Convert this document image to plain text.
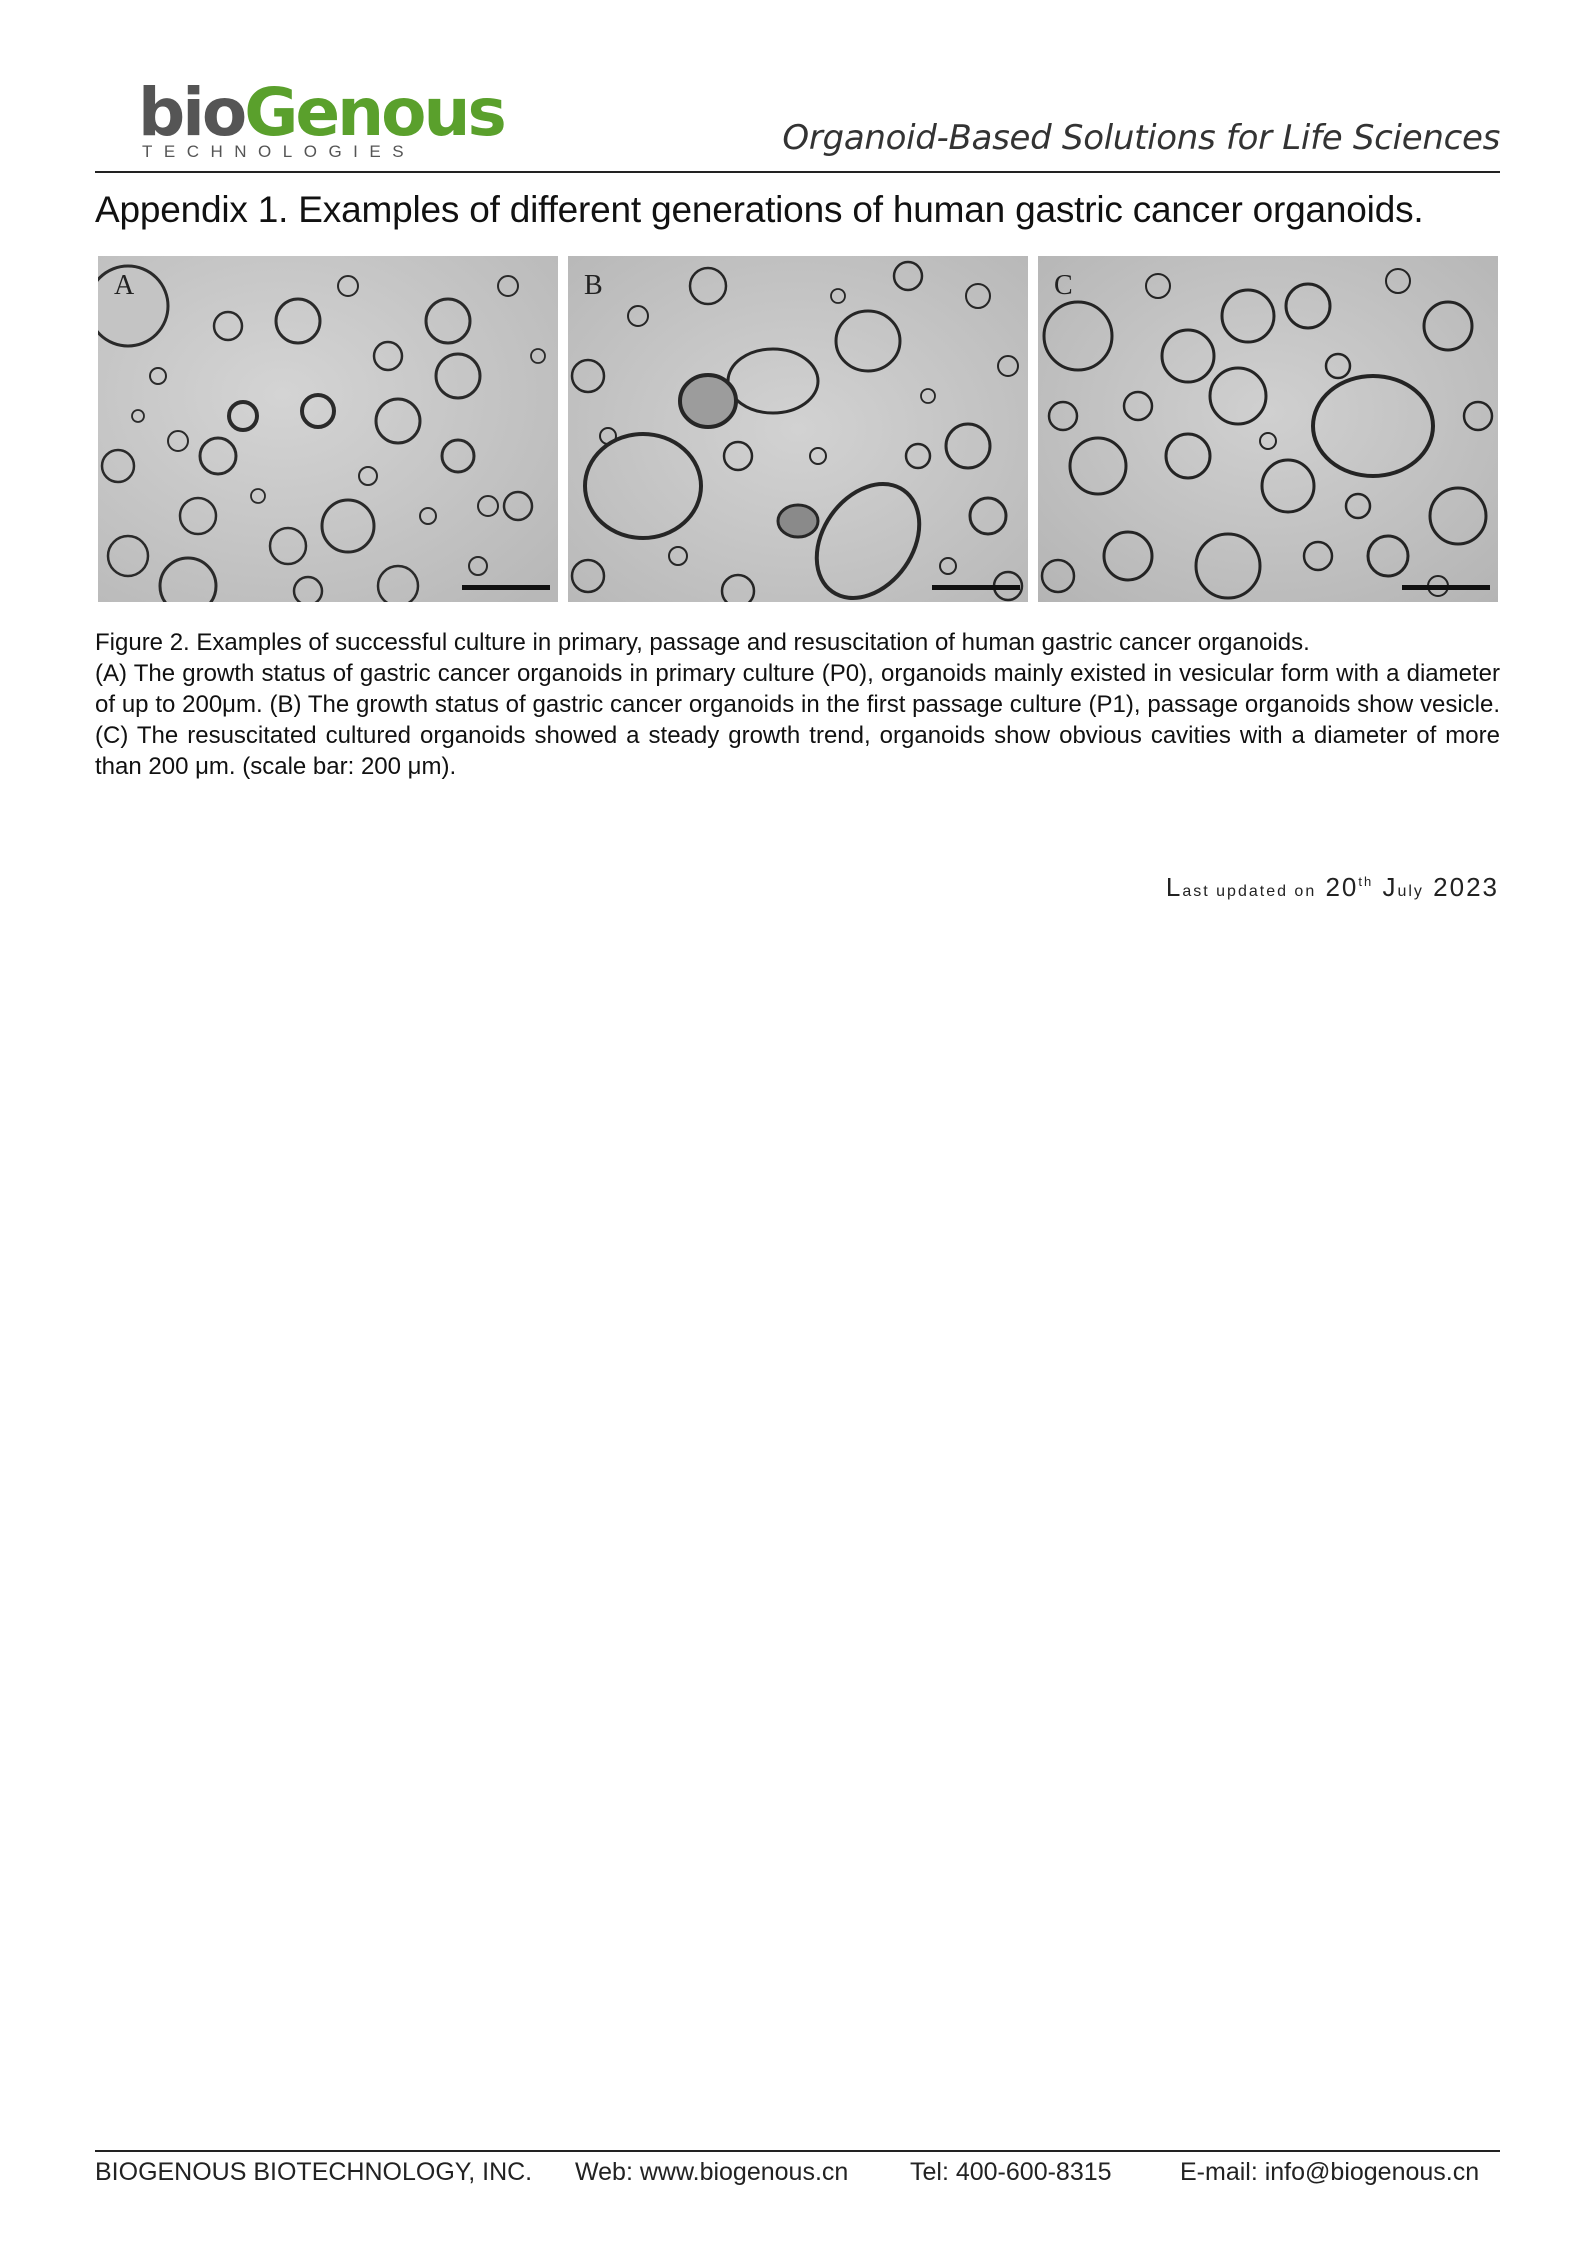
bioGenous
TECHNOLOGIES	Organoid-Based Solutions for Life Sciences
Appendix 1. Examples of different generations of human gastric cancer organoids.
A	B	C
Figure 2. Examples of successful culture in primary, passage and resuscitation of human gastric cancer organoids.
(A) The growth status of gastric cancer organoids in primary culture (P0), organoids mainly existed in vesicular form with a diameter of up to 200μm. (B) The growth status of gastric cancer organoids in the first passage culture (P1), passage organoids show vesicle. (C) The resuscitated cultured organoids showed a steady growth trend, organoids show obvious cavities with a diameter of more than 200 μm. (scale bar: 200 μm).
Last updated on 20th July 2023
BIOGENOUS BIOTECHNOLOGY, INC. Web: www.biogenous.cn Tel: 400-600-8315	E-mail: info@biogenous.cn
